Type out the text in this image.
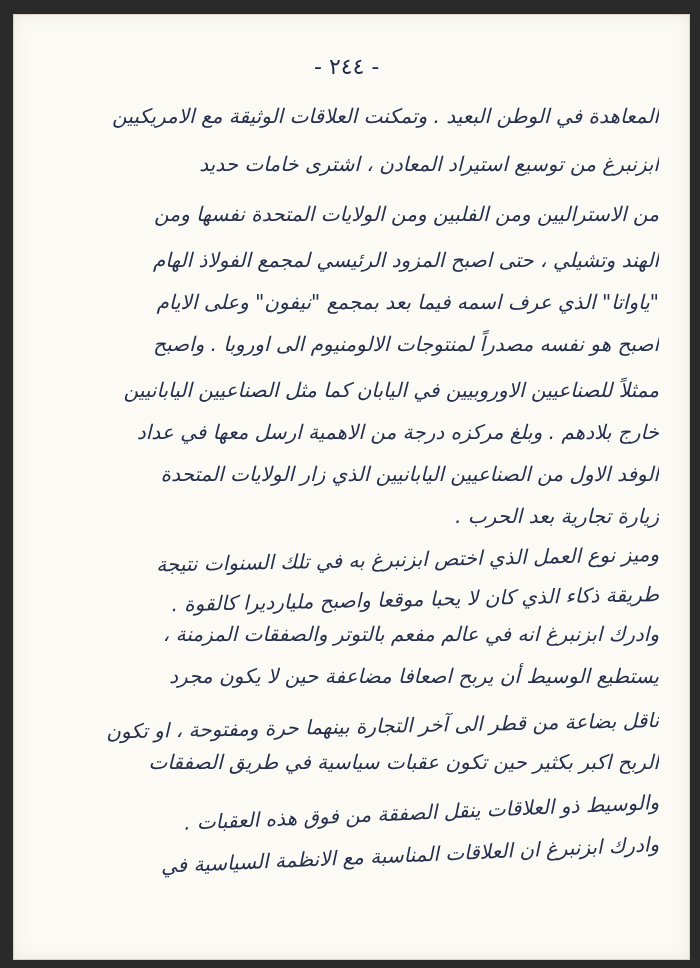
- ٢٤٤ -
المعاهدة في الوطن البعيد . وتمكنت العلاقات الوثيقة مع الامريكيين
ابزنبرغ من توسيع استيراد المعادن ، اشترى خامات حديد
من الاستراليين ومن الفلبين ومن الولايات المتحدة نفسها ومن
الهند وتشيلي ، حتى اصبح المزود الرئيسي لمجمع الفولاذ الهام
"ياواتا" الذي عرف اسمه فيما بعد بمجمع "نيفون" وعلى الايام
اصبح هو نفسه مصدراً لمنتوجات الالومنيوم الى اوروبا . واصبح
ممثلاً للصناعيين الاوروبيين في اليابان كما مثل الصناعيين اليابانيين
خارج بلادهم . وبلغ مركزه درجة من الاهمية ارسل معها في عداد
الوفد الاول من الصناعيين اليابانيين الذي زار الولايات المتحدة
زيارة تجارية بعد الحرب .
وميز نوع العمل الذي اختص ابزنبرغ به في تلك السنوات نتيجة
طريقة ذكاء الذي كان لا يحبا موقعا واصبح مليارديرا كالقوة .
وادرك ابزنبرغ انه في عالم مفعم بالتوتر والصفقات المزمنة ،
يستطيع الوسيط أن يربح اصعافا مضاعفة حين لا يكون مجرد
ناقل بضاعة من قطر الى آخر التجارة بينهما حرة ومفتوحة ، او تكون
الربح اكبر بكثير حين تكون عقبات سياسية في طريق الصفقات
والوسيط ذو العلاقات ينقل الصفقة من فوق هذه العقبات .
وادرك ابزنبرغ ان العلاقات المناسبة مع الانظمة السياسية في
